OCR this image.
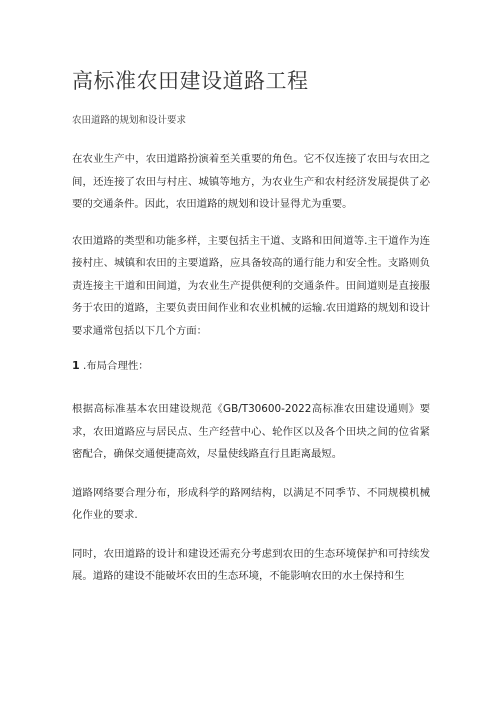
高标准农田建设道路工程

农田道路的规划和设计要求

在农业生产中，农田道路扮演着至关重要的角色。它不仅连接了农田与农田之间，还连接了农田与村庄、城镇等地方，为农业生产和农村经济发展提供了必要的交通条件。因此，农田道路的规划和设计显得尤为重要。

农田道路的类型和功能多样，主要包括主干道、支路和田间道等.主干道作为连接村庄、城镇和农田的主要道路，应具备较高的通行能力和安全性。支路则负责连接主干道和田间道，为农业生产提供便利的交通条件。田间道则是直接服务于农田的道路，主要负责田间作业和农业机械的运输.农田道路的规划和设计要求通常包括以下几个方面：

1 .布局合理性：

根据高标准基本农田建设规范《GB/T30600-2022高标准农田建设通则》要求，农田道路应与居民点、生产经营中心、轮作区以及各个田块之间的位省紧密配合，确保交通便捷高效，尽量使线路直行且距离最短。

道路网络要合理分布，形成科学的路网结构，以满足不同季节、不同规模机械化作业的要求.

同时，农田道路的设计和建设还需充分考虑到农田的生态环境保护和可持续发展。道路的建设不能破坏农田的生态环境，不能影响农田的水土保持和生
